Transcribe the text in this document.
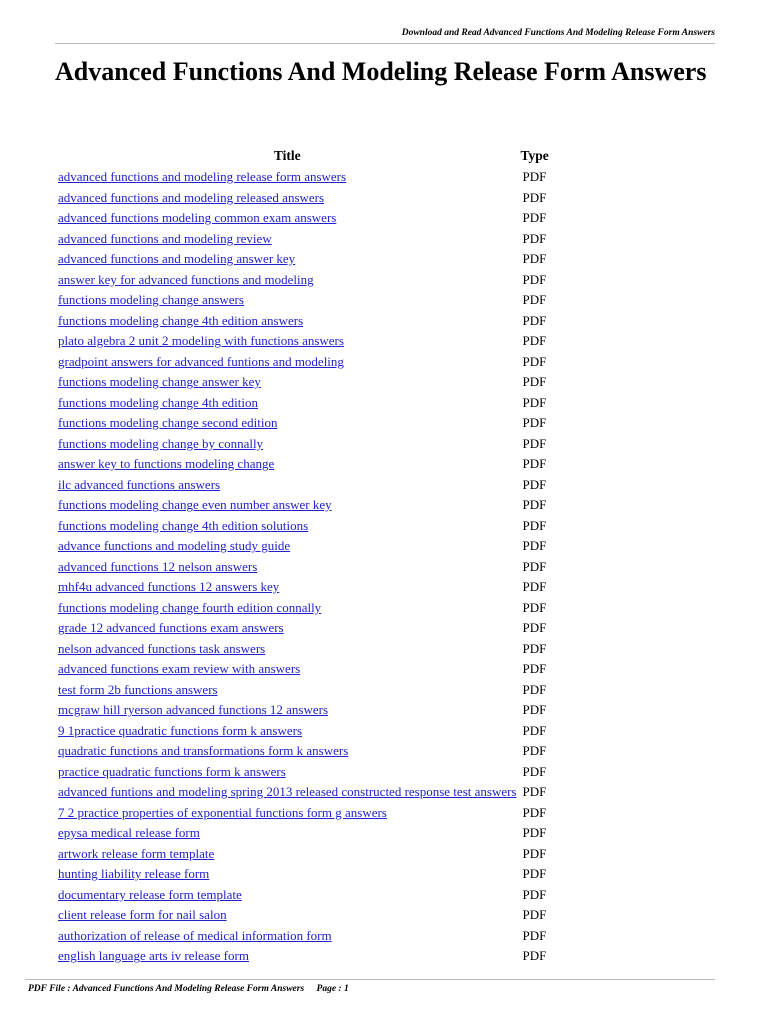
Download and Read Advanced Functions And Modeling Release Form Answers
Advanced Functions And Modeling Release Form Answers
Title	Type
advanced functions and modeling release form answers	PDF
advanced functions and modeling released answers	PDF
advanced functions modeling common exam answers	PDF
advanced functions and modeling review	PDF
advanced functions and modeling answer key	PDF
answer key for advanced functions and modeling	PDF
functions modeling change answers	PDF
functions modeling change 4th edition answers	PDF
plato algebra 2 unit 2 modeling with functions answers	PDF
gradpoint answers for advanced funtions and modeling	PDF
functions modeling change answer key	PDF
functions modeling change 4th edition	PDF
functions modeling change second edition	PDF
functions modeling change by connally	PDF
answer key to functions modeling change	PDF
ilc advanced functions answers	PDF
functions modeling change even number answer key	PDF
functions modeling change 4th edition solutions	PDF
advance functions and modeling study guide	PDF
advanced functions 12 nelson answers	PDF
mhf4u advanced functions 12 answers key	PDF
functions modeling change fourth edition connally	PDF
grade 12 advanced functions exam answers	PDF
nelson advanced functions task answers	PDF
advanced functions exam review with answers	PDF
test form 2b functions answers	PDF
mcgraw hill ryerson advanced functions 12 answers	PDF
9 1practice quadratic functions form k answers	PDF
quadratic functions and transformations form k answers	PDF
practice quadratic functions form k answers	PDF
advanced funtions and modeling spring 2013 released constructed response test answers	PDF
7 2 practice properties of exponential functions form g answers	PDF
epysa medical release form	PDF
artwork release form template	PDF
hunting liability release form	PDF
documentary release form template	PDF
client release form for nail salon	PDF
authorization of release of medical information form	PDF
english language arts iv release form	PDF
PDF File : Advanced Functions And Modeling Release Form Answers Page : 1
